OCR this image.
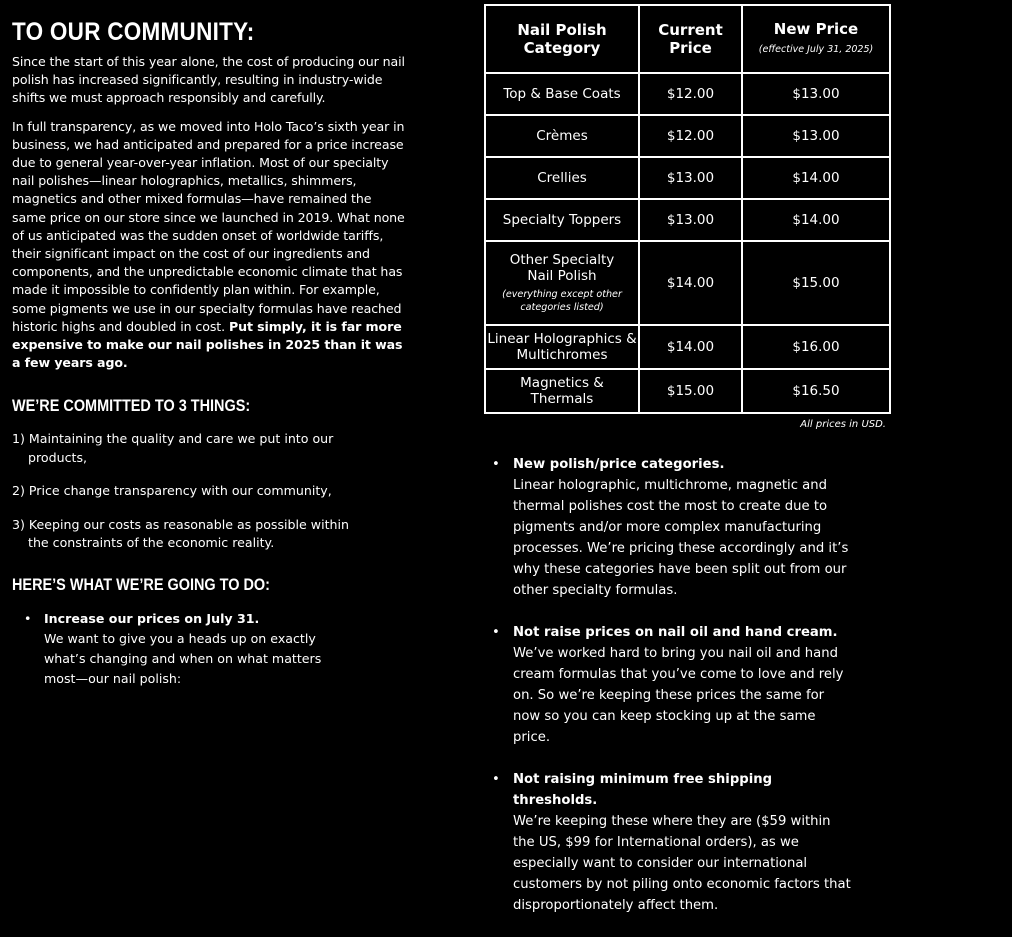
TO OUR COMMUNITY:

Since the start of this year alone, the cost of producing our nail polish has increased significantly, resulting in industry-wide shifts we must approach responsibly and carefully.

In full transparency, as we moved into Holo Taco’s sixth year in business, we had anticipated and prepared for a price increase due to general year-over-year inflation. Most of our specialty nail polishes—linear holographics, metallics, shimmers, magnetics and other mixed formulas—have remained the same price on our store since we launched in 2019. What none of us anticipated was the sudden onset of worldwide tariffs, their significant impact on the cost of our ingredients and components, and the unpredictable economic climate that has made it impossible to confidently plan within. For example, some pigments we use in our specialty formulas have reached historic highs and doubled in cost. Put simply, it is far more expensive to make our nail polishes in 2025 than it was a few years ago.

WE’RE COMMITTED TO 3 THINGS:
1) Maintaining the quality and care we put into our products,
2) Price change transparency with our community,
3) Keeping our costs as reasonable as possible within the constraints of the economic reality.
HERE’S WHAT WE’RE GOING TO DO:
• Increase our prices on July 31.
We want to give you a heads up on exactly what’s changing and when on what matters most—our nail polish:
Nail Polish Category	Current Price	New Price
(effective July 31, 2025)

Top & Base Coats	$12.00	$13.00
Crèmes	$12.00	$13.00
Crellies	$13.00	$14.00
Specialty Toppers	$13.00	$14.00

Other Specialty Nail Polish
(everything except other categories listed)	$14.00	$15.00

Linear Holographics & Multichromes	$14.00	$16.00

Magnetics & Thermals	$15.00	$16.50
All prices in USD.
• New polish/price categories.
Linear holographic, multichrome, magnetic and thermal polishes cost the most to create due to pigments and/or more complex manufacturing processes. We’re pricing these accordingly and it’s why these categories have been split out from our other specialty formulas.
• Not raise prices on nail oil and hand cream.
We’ve worked hard to bring you nail oil and hand cream formulas that you’ve come to love and rely on. So we’re keeping these prices the same for now so you can keep stocking up at the same price.
• Not raising minimum free shipping thresholds.
We’re keeping these where they are ($59 within the US, $99 for International orders), as we especially want to consider our international customers by not piling onto economic factors that disproportionately affect them.
